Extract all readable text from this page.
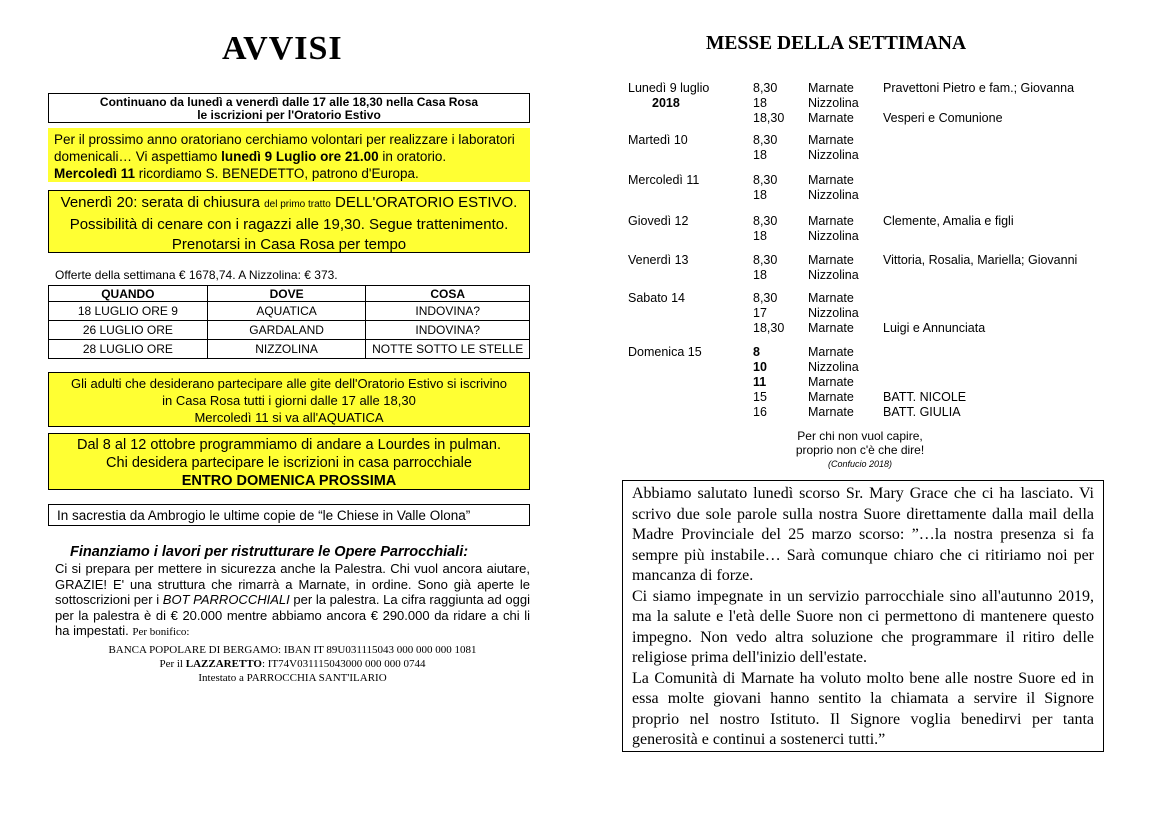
AVVISI
Continuano da lunedì a venerdì dalle 17 alle 18,30 nella Casa Rosa
le iscrizioni per l'Oratorio Estivo
Per il prossimo anno oratoriano cerchiamo volontari per realizzare i laboratori domenicali… Vi aspettiamo lunedì 9 Luglio ore 21.00 in oratorio.
Mercoledì 11 ricordiamo S. BENEDETTO, patrono d'Europa.
Venerdì 20: serata di chiusura del primo tratto DELL'ORATORIO ESTIVO.
Possibilità di cenare con i ragazzi alle 19,30. Segue trattenimento.
Prenotarsi in Casa Rosa per tempo
Offerte della settimana € 1678,74. A Nizzolina: € 373.
QUANDO	DOVE	COSA
18 LUGLIO ORE 9	AQUATICA	INDOVINA?
26 LUGLIO ORE	GARDALAND	INDOVINA?
28 LUGLIO ORE	NIZZOLINA	NOTTE SOTTO LE STELLE
Gli adulti che desiderano partecipare alle gite dell'Oratorio Estivo si iscrivino
in Casa Rosa tutti i giorni dalle 17 alle 18,30
Mercoledì 11 si va all'AQUATICA
Dal 8 al 12 ottobre programmiamo di andare a Lourdes in pulman.
Chi desidera partecipare le iscrizioni in casa parrocchiale
ENTRO DOMENICA PROSSIMA
In sacrestia da Ambrogio le ultime copie de “le Chiese in Valle Olona”
Finanziamo i lavori per ristrutturare le Opere Parrocchiali:
Ci si prepara per mettere in sicurezza anche la Palestra. Chi vuol ancora aiutare, GRAZIE! E' una struttura che rimarrà a Marnate, in ordine. Sono già aperte le sottoscrizioni per i BOT PARROCCHIALI per la palestra. La cifra raggiunta ad oggi per la palestra è di € 20.000 mentre abbiamo ancora € 290.000 da ridare a chi li ha impestati. Per bonifico:
BANCA POPOLARE DI BERGAMO: IBAN IT 89U031115043 000 000 000 1081
Per il LAZZARETTO: IT74V031115043000 000 000 0744
Intestato a PARROCCHIA SANT'ILARIO
MESSE DELLA SETTIMANA
Lunedì 9 luglio
2018
8,30 Marnate Pravettoni Pietro e fam.; Giovanna
18	Nizzolina
18,30 Marnate Vesperi e Comunione
Martedì 10	8,30 Marnate
18	Nizzolina
Mercoledì 11	8,30 Marnate
18	Nizzolina
Giovedì 12	8,30 Marnate Clemente, Amalia e figli
18	Nizzolina
Venerdì 13	8,30 Marnate Vittoria, Rosalia, Mariella; Giovanni
18	Nizzolina
Sabato 14	8,30 Marnate
17	Nizzolina
18,30 Marnate Luigi e Annunciata
Domenica 15	8	Marnate
10	Nizzolina
11	Marnate
15	Marnate BATT. NICOLE
16	Marnate BATT. GIULIA
Per chi non vuol capire,
proprio non c'è che dire!
(Confucio 2018)
Abbiamo salutato lunedì scorso Sr. Mary Grace che ci ha lasciato. Vi scrivo due sole parole sulla nostra Suore direttamente dalla mail della Madre Provinciale del 25 marzo scorso: ”…la nostra presenza si fa sempre più instabile… Sarà comunque chiaro che ci ritiriamo noi per mancanza di forze.
Ci siamo impegnate in un servizio parrocchiale sino all'autunno 2019, ma la salute e l'età delle Suore non ci permettono di mantenere questo impegno. Non vedo altra soluzione che programmare il ritiro delle religiose prima dell'inizio dell'estate.
La Comunità di Marnate ha voluto molto bene alle nostre Suore ed in essa molte giovani hanno sentito la chiamata a servire il Signore proprio nel nostro Istituto. Il Signore voglia benedirvi per tanta generosità e continui a sostenerci tutti.”
